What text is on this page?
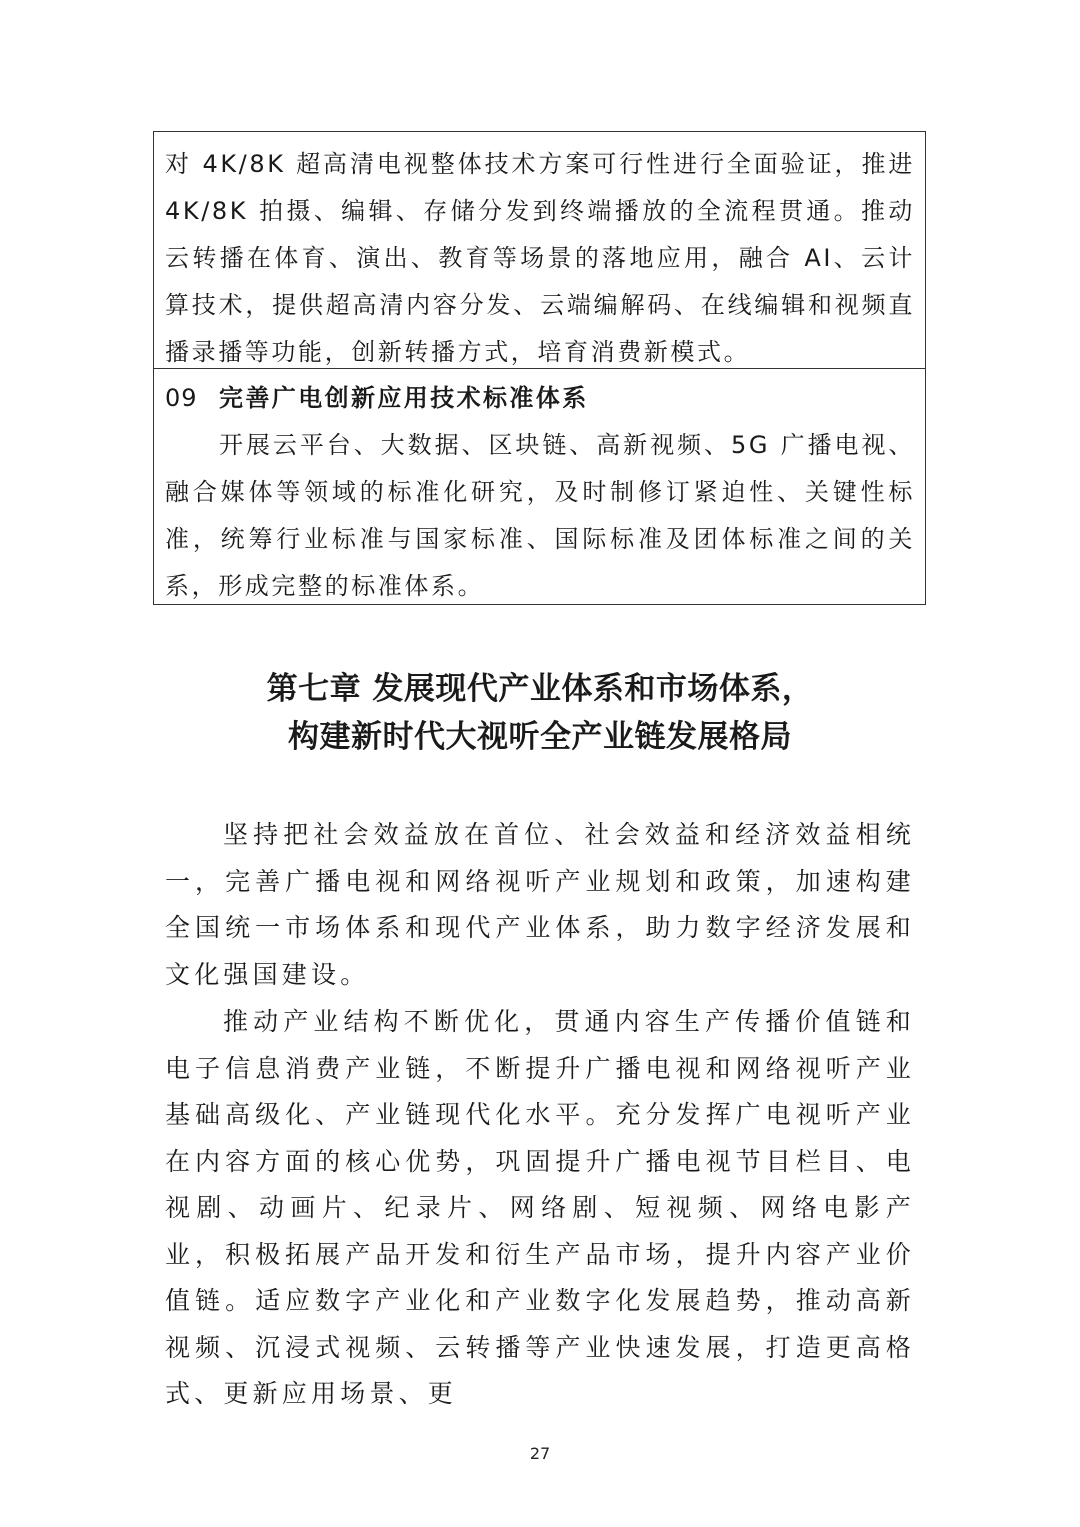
对 4K/8K 超高清电视整体技术方案可行性进行全面验证，推进 4K/8K 拍摄、编辑、存储分发到终端播放的全流程贯通。推动云转播在体育、演出、教育等场景的落地应用，融合 AI、云计算技术，提供超高清内容分发、云端编解码、在线编辑和视频直播录播等功能，创新转播方式，培育消费新模式。

09 完善广电创新应用技术标准体系

开展云平台、大数据、区块链、高新视频、5G 广播电视、融合媒体等领域的标准化研究，及时制修订紧迫性、关键性标准，统筹行业标准与国家标准、国际标准及团体标准之间的关系，形成完整的标准体系。

第七章 发展现代产业体系和市场体系，
构建新时代大视听全产业链发展格局

坚持把社会效益放在首位、社会效益和经济效益相统一，完善广播电视和网络视听产业规划和政策，加速构建全国统一市场体系和现代产业体系，助力数字经济发展和文化强国建设。

推动产业结构不断优化，贯通内容生产传播价值链和电子信息消费产业链，不断提升广播电视和网络视听产业基础高级化、产业链现代化水平。充分发挥广电视听产业在内容方面的核心优势，巩固提升广播电视节目栏目、电视剧、动画片、纪录片、网络剧、短视频、网络电影产业，积极拓展产品开发和衍生产品市场，提升内容产业价值链。适应数字产业化和产业数字化发展趋势，推动高新视频、沉浸式视频、云转播等产业快速发展，打造更高格式、更新应用场景、更

27
